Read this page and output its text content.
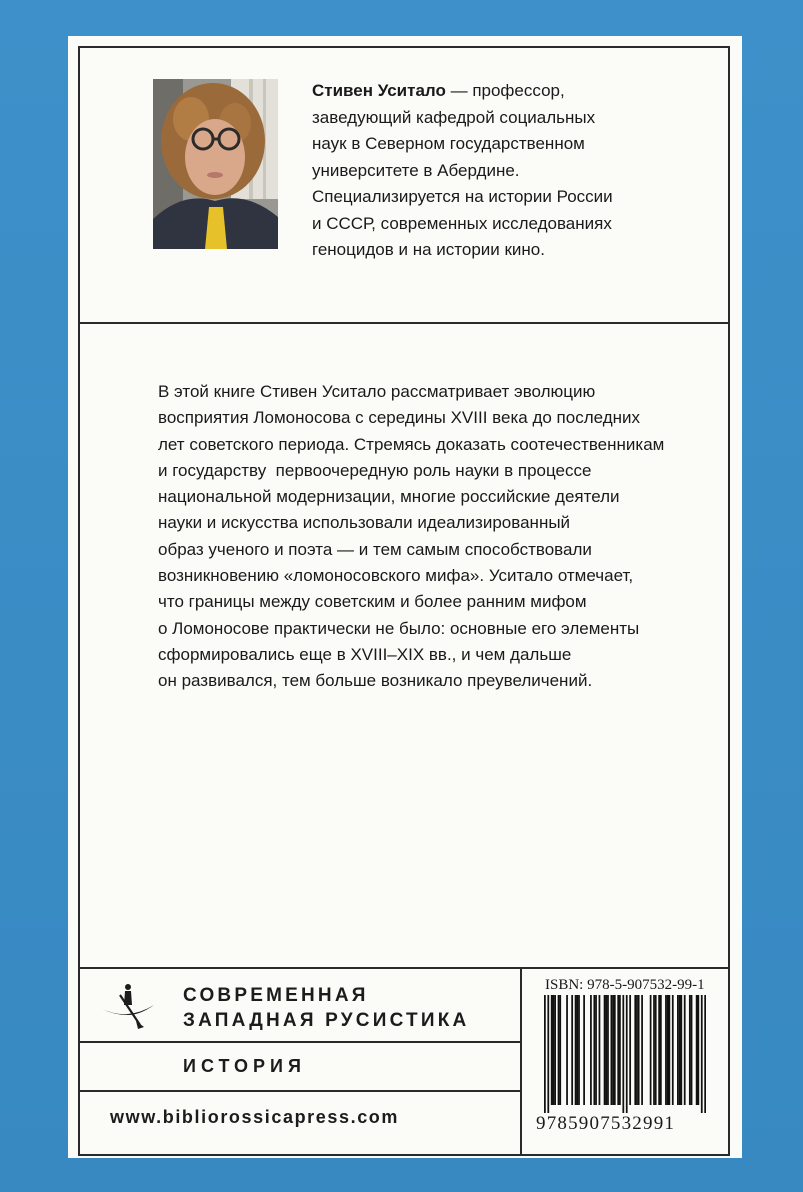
Стивен Уситало — профессор,
заведующий кафедрой социальных
наук в Северном государственном
университете в Абердине.
Специализируется на истории России
и СССР, современных исследованиях
геноцидов и на истории кино.
В этой книге Стивен Уситало рассматривает эволюцию
восприятия Ломоносова с середины XVIII века до последних
лет советского периода. Стремясь доказать соотечественникам
и государству  первоочередную роль науки в процессе
национальной модернизации, многие российские деятели
науки и искусства использовали идеализированный
образ ученого и поэта — и тем самым способствовали
возникновению «ломоносовского мифа». Уситало отмечает,
что границы между советским и более ранним мифом
о Ломоносове практически не было: основные его элементы
сформировались еще в XVIII–XIX вв., и чем дальше
он развивался, тем больше возникало преувеличений.
СОВРЕМЕННАЯ
ЗАПАДНАЯ РУСИСТИКА
ИСТОРИЯ
www.bibliorossicapress.com
ISBN: 978-5-907532-99-1
9785907532991
